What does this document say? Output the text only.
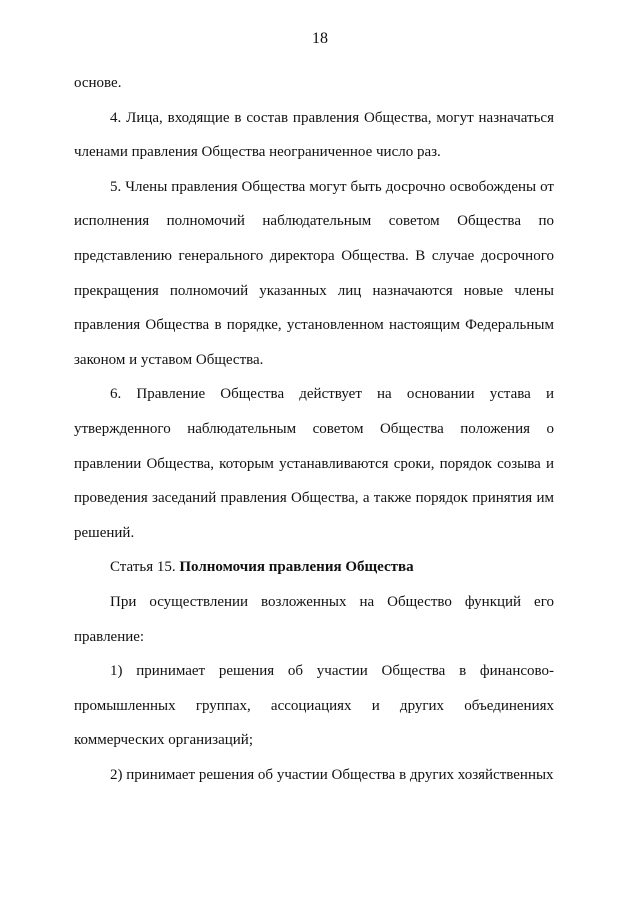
18

основе.

4. Лица, входящие в состав правления Общества, могут назначаться членами правления Общества неограниченное число раз.

5. Члены правления Общества могут быть досрочно освобождены от исполнения полномочий наблюдательным советом Общества по представлению генерального директора Общества. В случае досрочного прекращения полномочий указанных лиц назначаются новые члены правления Общества в порядке, установленном настоящим Федеральным законом и уставом Общества.

6. Правление Общества действует на основании устава и утвержденного наблюдательным советом Общества положения о правлении Общества, которым устанавливаются сроки, порядок созыва и проведения заседаний правления Общества, а также порядок принятия им решений.

Статья 15. Полномочия правления Общества

При осуществлении возложенных на Общество функций его правление:

1) принимает решения об участии Общества в финансово-промышленных группах, ассоциациях и других объединениях коммерческих организаций;

2) принимает решения об участии Общества в других хозяйственных
